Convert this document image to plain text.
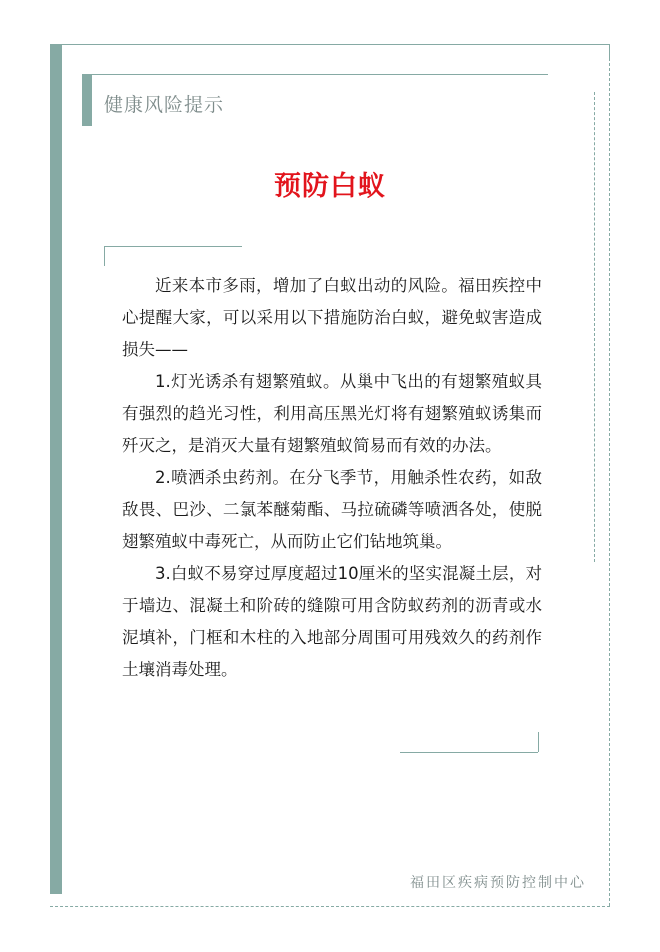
健康风险提示
预防白蚁

近来本市多雨，增加了白蚁出动的风险。福田疾控中心提醒大家，可以采用以下措施防治白蚁，避免蚁害造成损失——

1.灯光诱杀有翅繁殖蚁。从巢中飞出的有翅繁殖蚁具有强烈的趋光习性，利用高压黑光灯将有翅繁殖蚁诱集而歼灭之，是消灭大量有翅繁殖蚁简易而有效的办法。

2.喷洒杀虫药剂。在分飞季节，用触杀性农药，如敌敌畏、巴沙、二氯苯醚菊酯、马拉硫磷等喷洒各处，使脱翅繁殖蚁中毒死亡，从而防止它们钻地筑巢。

3.白蚁不易穿过厚度超过10厘米的坚实混凝土层，对于墙边、混凝土和阶砖的缝隙可用含防蚁药剂的沥青或水泥填补，门框和木柱的入地部分周围可用残效久的药剂作土壤消毒处理。

福田区疾病预防控制中心
